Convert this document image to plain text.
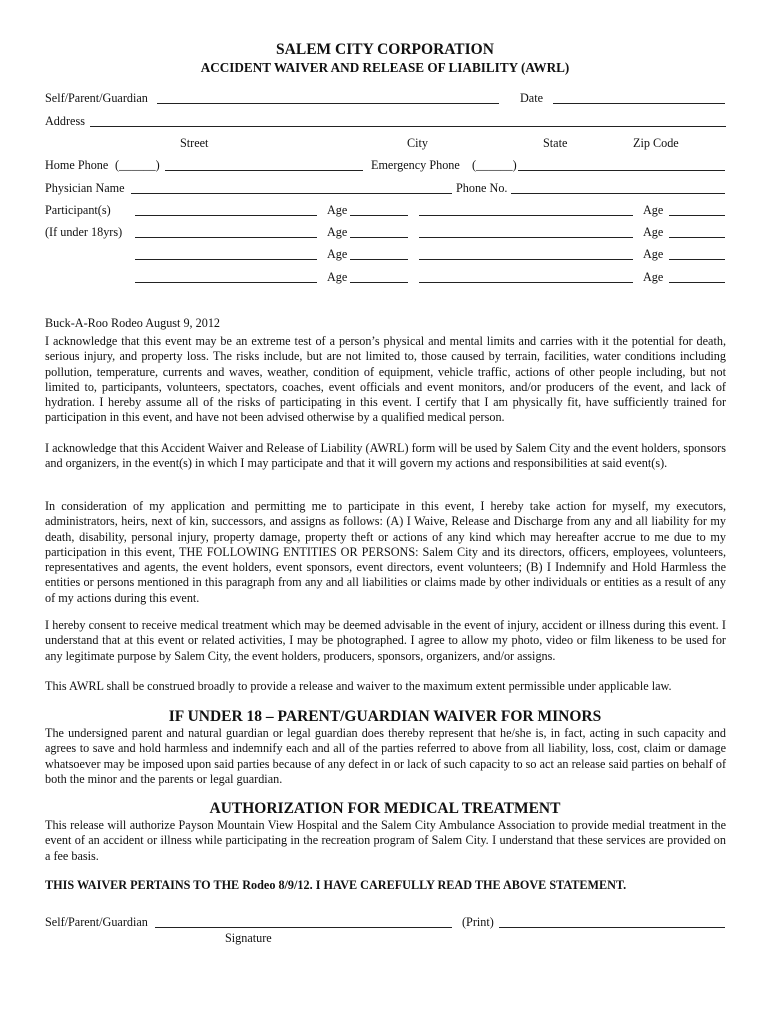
SALEM CITY CORPORATION
ACCIDENT WAIVER AND RELEASE OF LIABILITY (AWRL)
Self/Parent/Guardian	Date
Address
Street	City	State	Zip Code
Home Phone (______)	Emergency Phone (______)
Physician Name	Phone No.
Participant(s)
(If under 18yrs)
Age	Age
Age	Age
Age	Age
Age	Age
Buck-A-Roo Rodeo August 9, 2012
I acknowledge that this event may be an extreme test of a person’s physical and mental limits and carries with it the potential for death, serious injury, and property loss. The risks include, but are not limited to, those caused by terrain, facilities, water conditions including pollution, temperature, currents and waves, weather, condition of equipment, vehicle traffic, actions of other people including, but not limited to, participants, volunteers, spectators, coaches, event officials and event monitors, and/or producers of the event, and lack of hydration. I hereby assume all of the risks of participating in this event. I certify that I am physically fit, have sufficiently trained for participation in this event, and have not been advised otherwise by a qualified medical person.
I acknowledge that this Accident Waiver and Release of Liability (AWRL) form will be used by Salem City and the event holders, sponsors and organizers, in the event(s) in which I may participate and that it will govern my actions and responsibilities at said event(s).
In consideration of my application and permitting me to participate in this event, I hereby take action for myself, my executors, administrators, heirs, next of kin, successors, and assigns as follows: (A) I Waive, Release and Discharge from any and all liability for my death, disability, personal injury, property damage, property theft or actions of any kind which may hereafter accrue to me due to my participation in this event, THE FOLLOWING ENTITIES OR PERSONS: Salem City and its directors, officers, employees, volunteers, representatives and agents, the event holders, event sponsors, event directors, event volunteers; (B) I Indemnify and Hold Harmless the entities or persons mentioned in this paragraph from any and all liabilities or claims made by other individuals or entities as a result of any of my actions during this event.
I hereby consent to receive medical treatment which may be deemed advisable in the event of injury, accident or illness during this event. I understand that at this event or related activities, I may be photographed. I agree to allow my photo, video or film likeness to be used for any legitimate purpose by Salem City, the event holders, producers, sponsors, organizers, and/or assigns.
This AWRL shall be construed broadly to provide a release and waiver to the maximum extent permissible under applicable law.
IF UNDER 18 – PARENT/GUARDIAN WAIVER FOR MINORS
The undersigned parent and natural guardian or legal guardian does thereby represent that he/she is, in fact, acting in such capacity and agrees to save and hold harmless and indemnify each and all of the parties referred to above from all liability, loss, cost, claim or damage whatsoever may be imposed upon said parties because of any defect in or lack of such capacity to so act an release said parties on behalf of both the minor and the parents or legal guardian.
AUTHORIZATION FOR MEDICAL TREATMENT
This release will authorize Payson Mountain View Hospital and the Salem City Ambulance Association to provide medial treatment in the event of an accident or illness while participating in the recreation program of Salem City. I understand that these services are provided on a fee basis.
THIS WAIVER PERTAINS TO THE Rodeo 8/9/12. I HAVE CAREFULLY READ THE ABOVE STATEMENT.
Self/Parent/Guardian	(Print)
Signature
